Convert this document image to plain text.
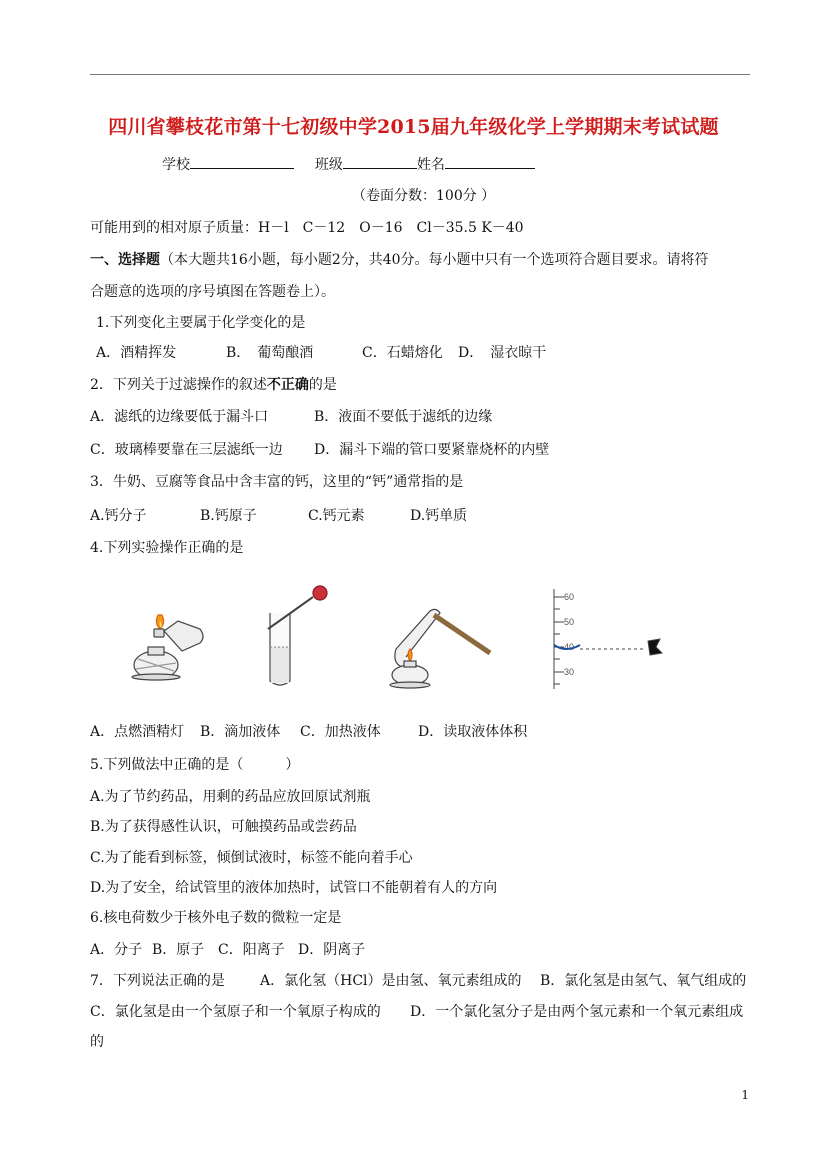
四川省攀枝花市第十七初级中学2015届九年级化学上学期期末考试试题
学校	班级	姓名
（卷面分数：100分 ）
可能用到的相对原子质量：H－l　C－12　O－16　Cl－35.5 K－40
一、选择题（本大题共16小题，每小题2分，共40分。每小题中只有一个选项符合题目要求。请将符
合题意的选项的序号填图在答题卷上）。
1.下列变化主要属于化学变化的是
A．酒精挥发	B．　葡萄酿酒	C．石蜡熔化 D．　湿衣晾干
2．下列关于过滤操作的叙述不正确的是
A．滤纸的边缘要低于漏斗口	B．液面不要低于滤纸的边缘
C．玻璃棒要靠在三层滤纸一边 D．漏斗下端的管口要紧靠烧杯的内壁
3．牛奶、豆腐等食品中含丰富的钙，这里的“钙”通常指的是
A.钙分子	B.钙原子	C.钙元素	D.钙单质
4.下列实验操作正确的是
60
50
40
30
A．点燃酒精灯 B．滴加液体 C．加热液体	D．读取液体体积
5.下列做法中正确的是（　　　）
A.为了节约药品，用剩的药品应放回原试剂瓶
B.为了获得感性认识，可触摸药品或尝药品
C.为了能看到标签，倾倒试液时，标签不能向着手心
D.为了安全，给试管里的液体加热时，试管口不能朝着有人的方向
6.核电荷数少于核外电子数的微粒一定是
A．分子 B．原子 C．阳离子 D．阴离子
7．下列说法正确的是	A．氯化氢（HCl）是由氢、氧元素组成的 B．氯化氢是由氢气、氧气组成的
C．氯化氢是由一个氢原子和一个氧原子构成的 D．一个氯化氢分子是由两个氢元素和一个氧元素组成
的
1
